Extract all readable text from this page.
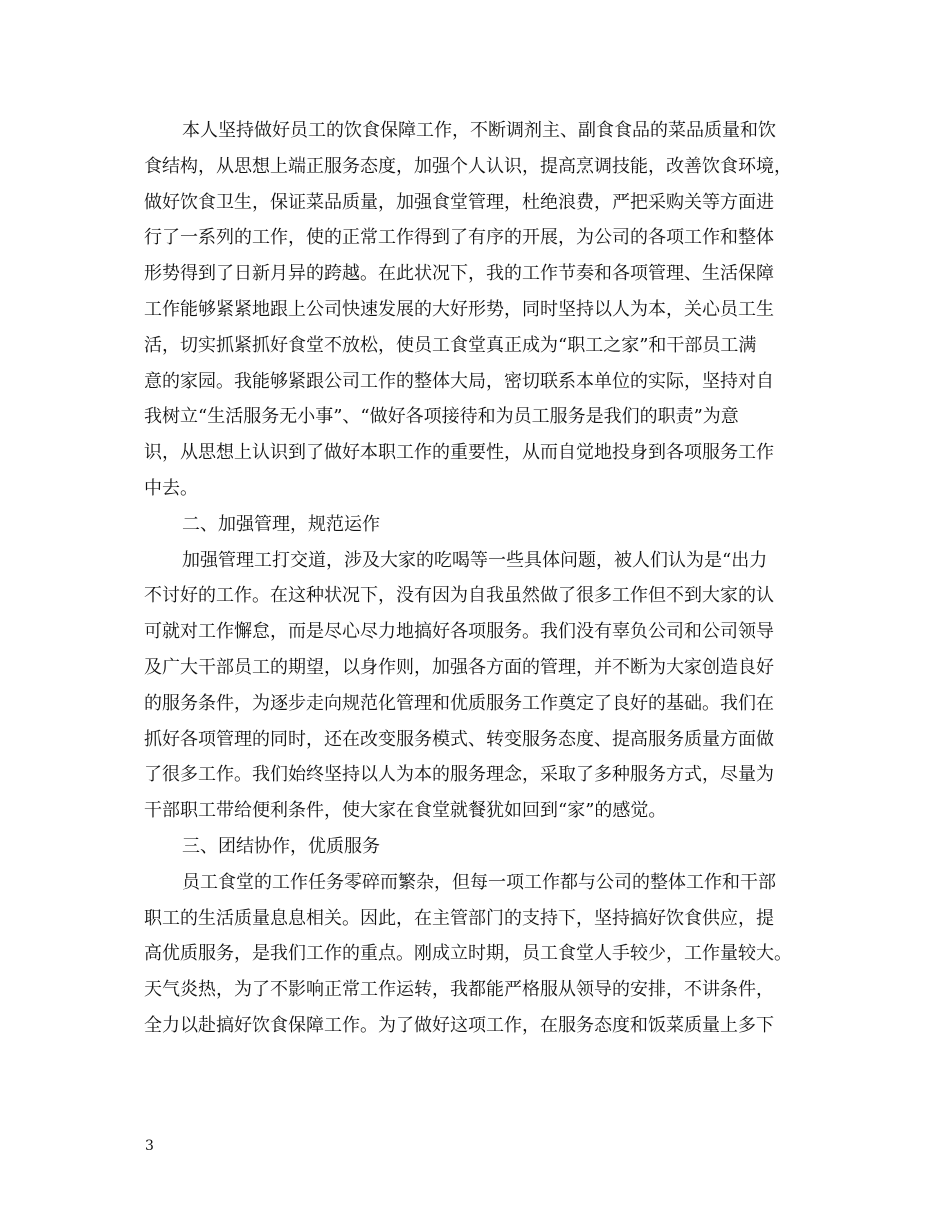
本人坚持做好员工的饮食保障工作，不断调剂主、副食食品的菜品质量和饮
食结构，从思想上端正服务态度，加强个人认识，提高烹调技能，改善饮食环境，
做好饮食卫生，保证菜品质量，加强食堂管理，杜绝浪费，严把采购关等方面进
行了一系列的工作，使的正常工作得到了有序的开展，为公司的各项工作和整体
形势得到了日新月异的跨越。在此状况下，我的工作节奏和各项管理、生活保障
工作能够紧紧地跟上公司快速发展的大好形势，同时坚持以人为本，关心员工生
活，切实抓紧抓好食堂不放松，使员工食堂真正成为“职工之家”和干部员工满
意的家园。我能够紧跟公司工作的整体大局，密切联系本单位的实际，坚持对自
我树立“生活服务无小事”、“做好各项接待和为员工服务是我们的职责”为意
识，从思想上认识到了做好本职工作的重要性，从而自觉地投身到各项服务工作
中去。
二、加强管理，规范运作
加强管理工打交道，涉及大家的吃喝等一些具体问题，被人们认为是“出力
不讨好的工作。在这种状况下，没有因为自我虽然做了很多工作但不到大家的认
可就对工作懈怠，而是尽心尽力地搞好各项服务。我们没有辜负公司和公司领导
及广大干部员工的期望，以身作则，加强各方面的管理，并不断为大家创造良好
的服务条件，为逐步走向规范化管理和优质服务工作奠定了良好的基础。我们在
抓好各项管理的同时，还在改变服务模式、转变服务态度、提高服务质量方面做
了很多工作。我们始终坚持以人为本的服务理念，采取了多种服务方式，尽量为
干部职工带给便利条件，使大家在食堂就餐犹如回到“家”的感觉。
三、团结协作，优质服务
员工食堂的工作任务零碎而繁杂，但每一项工作都与公司的整体工作和干部
职工的生活质量息息相关。因此，在主管部门的支持下，坚持搞好饮食供应，提
高优质服务，是我们工作的重点。刚成立时期，员工食堂人手较少，工作量较大。
天气炎热，为了不影响正常工作运转，我都能严格服从领导的安排，不讲条件，
全力以赴搞好饮食保障工作。为了做好这项工作，在服务态度和饭菜质量上多下
3
